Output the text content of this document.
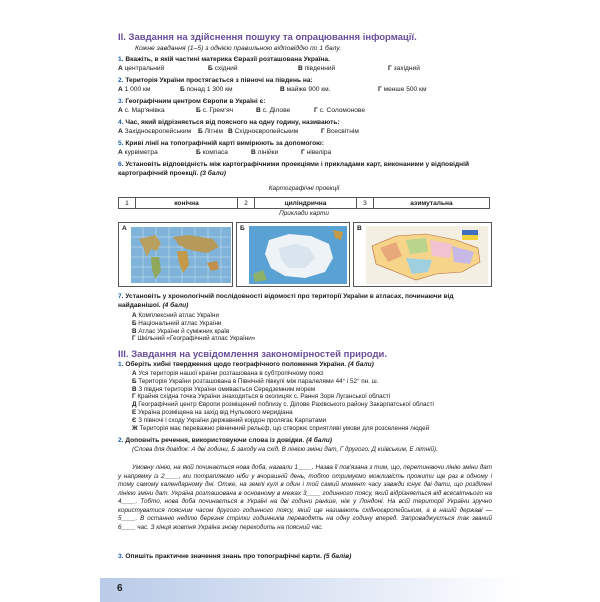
II. Завдання на здійснення пошуку та опрацювання інформації.
Кожне завдання (1–5) з однією правильною відповіддю по 1 балу.
1. Вкажіть, в якій частині материка Євразії розташована Україна.
А центральний	Б східний	В південний	Г західний
2. Територія України простягається з півночі на південь на:
А 1 000 км	Б понад 1 300 км	В майже 900 км.	Г менше 500 км
3. Географічним центром Європи в Україні є:
А с. Мар'янівка	Б с. Гремʼяч	В с. Ділове	Г с. Соломонове
4. Час, який відрізняється від поясного на одну годину, називають:
А Західноєвропейським	Б Літнім В Східноєвропейським	Г Всесвітнім
5. Криві лінії на топографічній карті вимірюють за допомогою:
А курвіметра	Б компаса	В лінійки	Г нівеліра
6. Установіть відповідність між картографічними проекціями і прикладами карт, виконаними у відповідній картографічній проекції. (3 бали)
Картографічні проекції
1	конічна	2	циліндрична	3	азимутальна
Приклади карти
А	Б	В
7. Установіть у хронологічній послідовності відомості про території України в атласах, починаючи від найдавнішої. (4 бали)
А Комплексний атлас України
Б Національний атлас України
В Атлас України й суміжних країв
Г Шкільний «Географічний атлас України»
III. Завдання на усвідомлення закономірностей природи.
1. Оберіть хибні твердження щодо географічного положення України. (4 бали)
А Уся територія нашої країни розташована в субтропічному поясі
Б Територія України розташована в Північній півкулі між паралелями 44° і 52° пн. ш.
В З півдня територія України омивається Середземним морем
Г Крайня східна точка України знаходиться в околицях с. Рання Зоря Луганської області
Д Географічний центр Європи розміщений поблизу с. Ділове Рахівського району Закарпатської області
Е Україна розміщена на захід від Нульового меридіана
Є З півночі і сходу України державний кордон пролягає Карпатами
Ж Територія має переважно рівнинний рельєф, що створює сприятливі умови для розселення людей
2. Доповніть речення, використовуючи слова із довідки. (4 бали)
(Слова для довідок: А дві години, Б заходу на схід, В лінією зміни дат, Г другого, Д київським, Е літній).
Умовну лінію, на якій починається нова доба, назвали 1____. Назва її пов'язана з тим, що, перетинаючи лінію зміни дат у напрямку із 2____, ми потрапляємо ніби у вчорашній день, тобто отримуємо можливість прожити ще раз в одному і тому самому календарному дні. Отже, на землі кулі в один і той самий момент часу завжди існує дві дати, що розділені лінією зміни дат. Україна розташована в основному в межах 3____ годинного поясу, який відрізняється від всесвітнього на 4____. Тобто, нова доба починається в Україні на дві години раніше, ніж у Лондоні. На всій території України зручно користуватися поясним часом другого годинного поясу, який ще називають східноєвропейським, а в нашій державі — 5____. В останню неділю березня стрілки годинників переводять на одну годину вперед. Запроваджується так званий 6____ час. З кінця жовтня Україна знову переходить на поясний час.
3. Опишіть практичне значення знань про топографічні карти. (5 балів)
6
